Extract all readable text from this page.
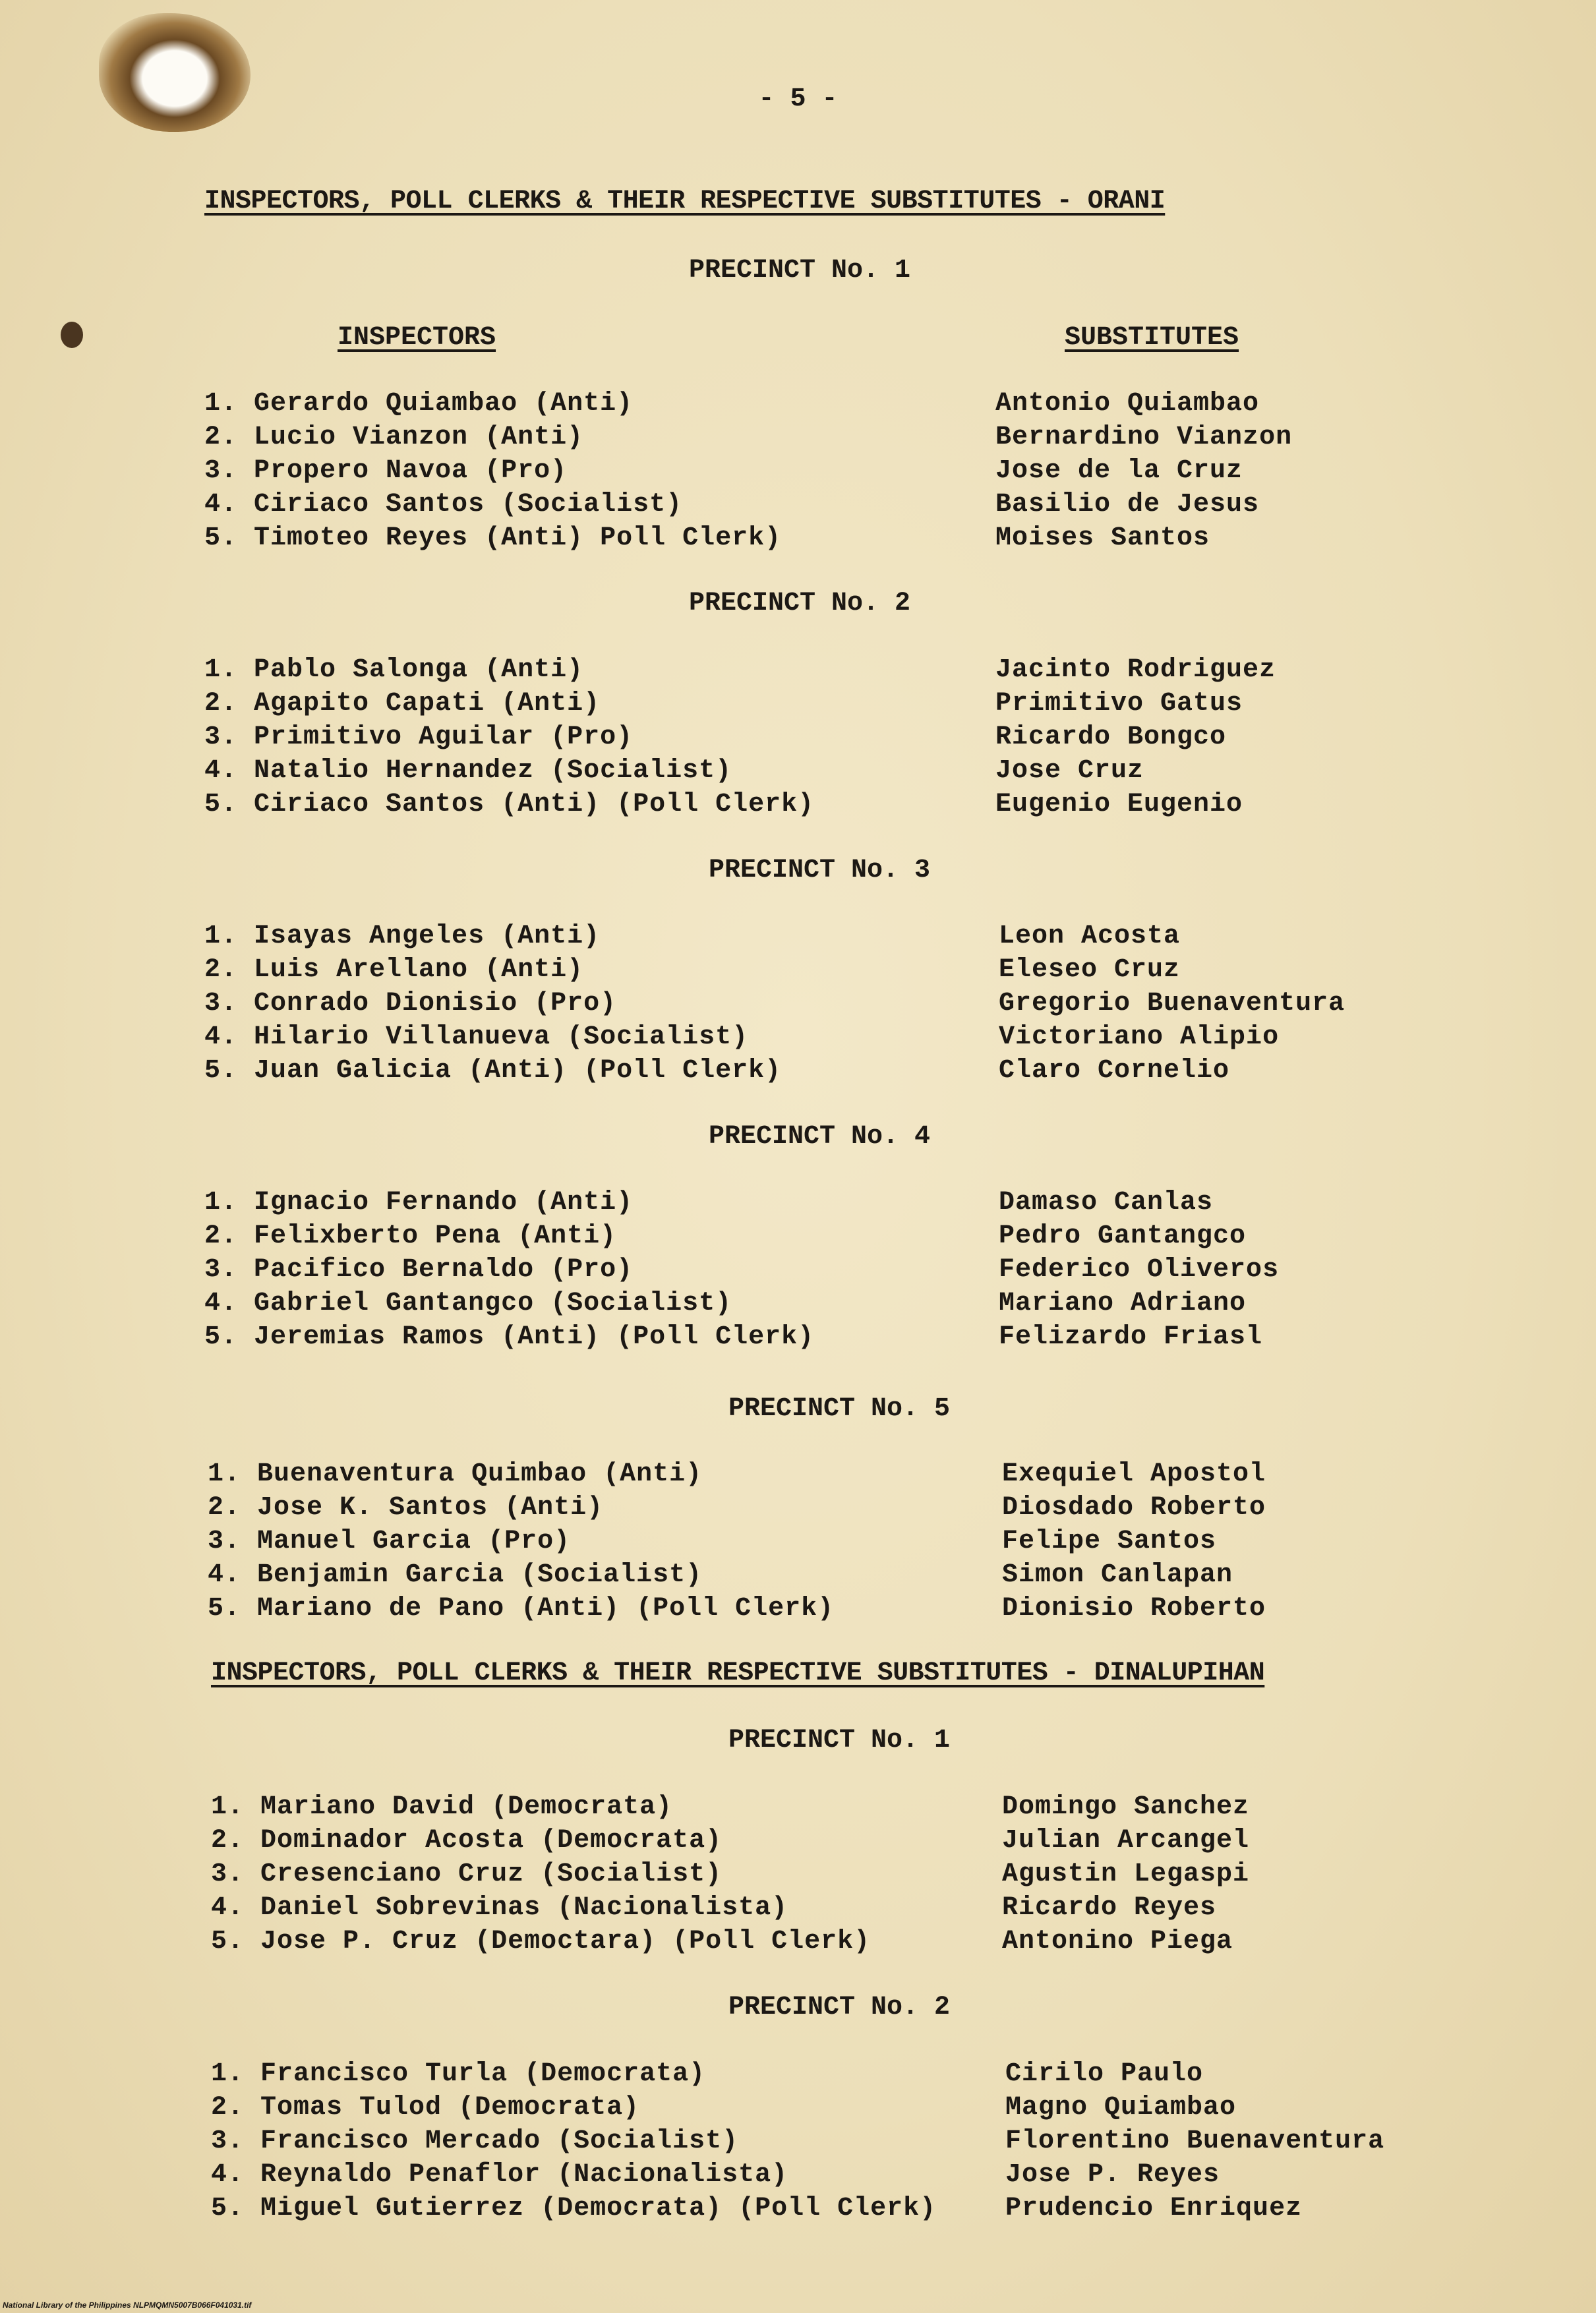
- 5 -
INSPECTORS, POLL CLERKS & THEIR RESPECTIVE SUBSTITUTES - ORANI
PRECINCT No. 1
INSPECTORS	SUBSTITUTES
1. Gerardo Quiambao (Anti)	Antonio Quiambao
2. Lucio Vianzon (Anti)	Bernardino Vianzon
3. Propero Navoa (Pro)	Jose de la Cruz
4. Ciriaco Santos (Socialist)	Basilio de Jesus
5. Timoteo Reyes (Anti) Poll Clerk)	Moises Santos
PRECINCT No. 2
1. Pablo Salonga (Anti)	Jacinto Rodriguez
2. Agapito Capati (Anti)	Primitivo Gatus
3. Primitivo Aguilar (Pro)	Ricardo Bongco
4. Natalio Hernandez (Socialist)	Jose Cruz
5. Ciriaco Santos (Anti) (Poll Clerk)	Eugenio Eugenio
PRECINCT No. 3
1. Isayas Angeles (Anti)	Leon Acosta
2. Luis Arellano (Anti)	Eleseo Cruz
3. Conrado Dionisio (Pro)	Gregorio Buenaventura
4. Hilario Villanueva (Socialist)	Victoriano Alipio
5. Juan Galicia (Anti) (Poll Clerk)	Claro Cornelio
PRECINCT No. 4
1. Ignacio Fernando (Anti)	Damaso Canlas
2. Felixberto Pena (Anti)	Pedro Gantangco
3. Pacifico Bernaldo (Pro)	Federico Oliveros
4. Gabriel Gantangco (Socialist)	Mariano Adriano
5. Jeremias Ramos (Anti) (Poll Clerk)	Felizardo Friasl
PRECINCT No. 5
1. Buenaventura Quimbao (Anti)	Exequiel Apostol
2. Jose K. Santos (Anti)	Diosdado Roberto
3. Manuel Garcia (Pro)	Felipe Santos
4. Benjamin Garcia (Socialist)	Simon Canlapan
5. Mariano de Pano (Anti) (Poll Clerk)	Dionisio Roberto
INSPECTORS, POLL CLERKS & THEIR RESPECTIVE SUBSTITUTES - DINALUPIHAN
PRECINCT No. 1
1. Mariano David (Democrata)	Domingo Sanchez
2. Dominador Acosta (Democrata)	Julian Arcangel
3. Cresenciano Cruz (Socialist)	Agustin Legaspi
4. Daniel Sobrevinas (Nacionalista)	Ricardo Reyes
5. Jose P. Cruz (Democtara) (Poll Clerk)	Antonino Piega
PRECINCT No. 2
1. Francisco Turla (Democrata)	Cirilo Paulo
2. Tomas Tulod (Democrata)	Magno Quiambao
3. Francisco Mercado (Socialist)	Florentino Buenaventura
4. Reynaldo Penaflor (Nacionalista)	Jose P. Reyes
5. Miguel Gutierrez (Democrata) (Poll Clerk)	Prudencio Enriquez
National Library of the Philippines NLPMQMN5007B066F041031.tif
